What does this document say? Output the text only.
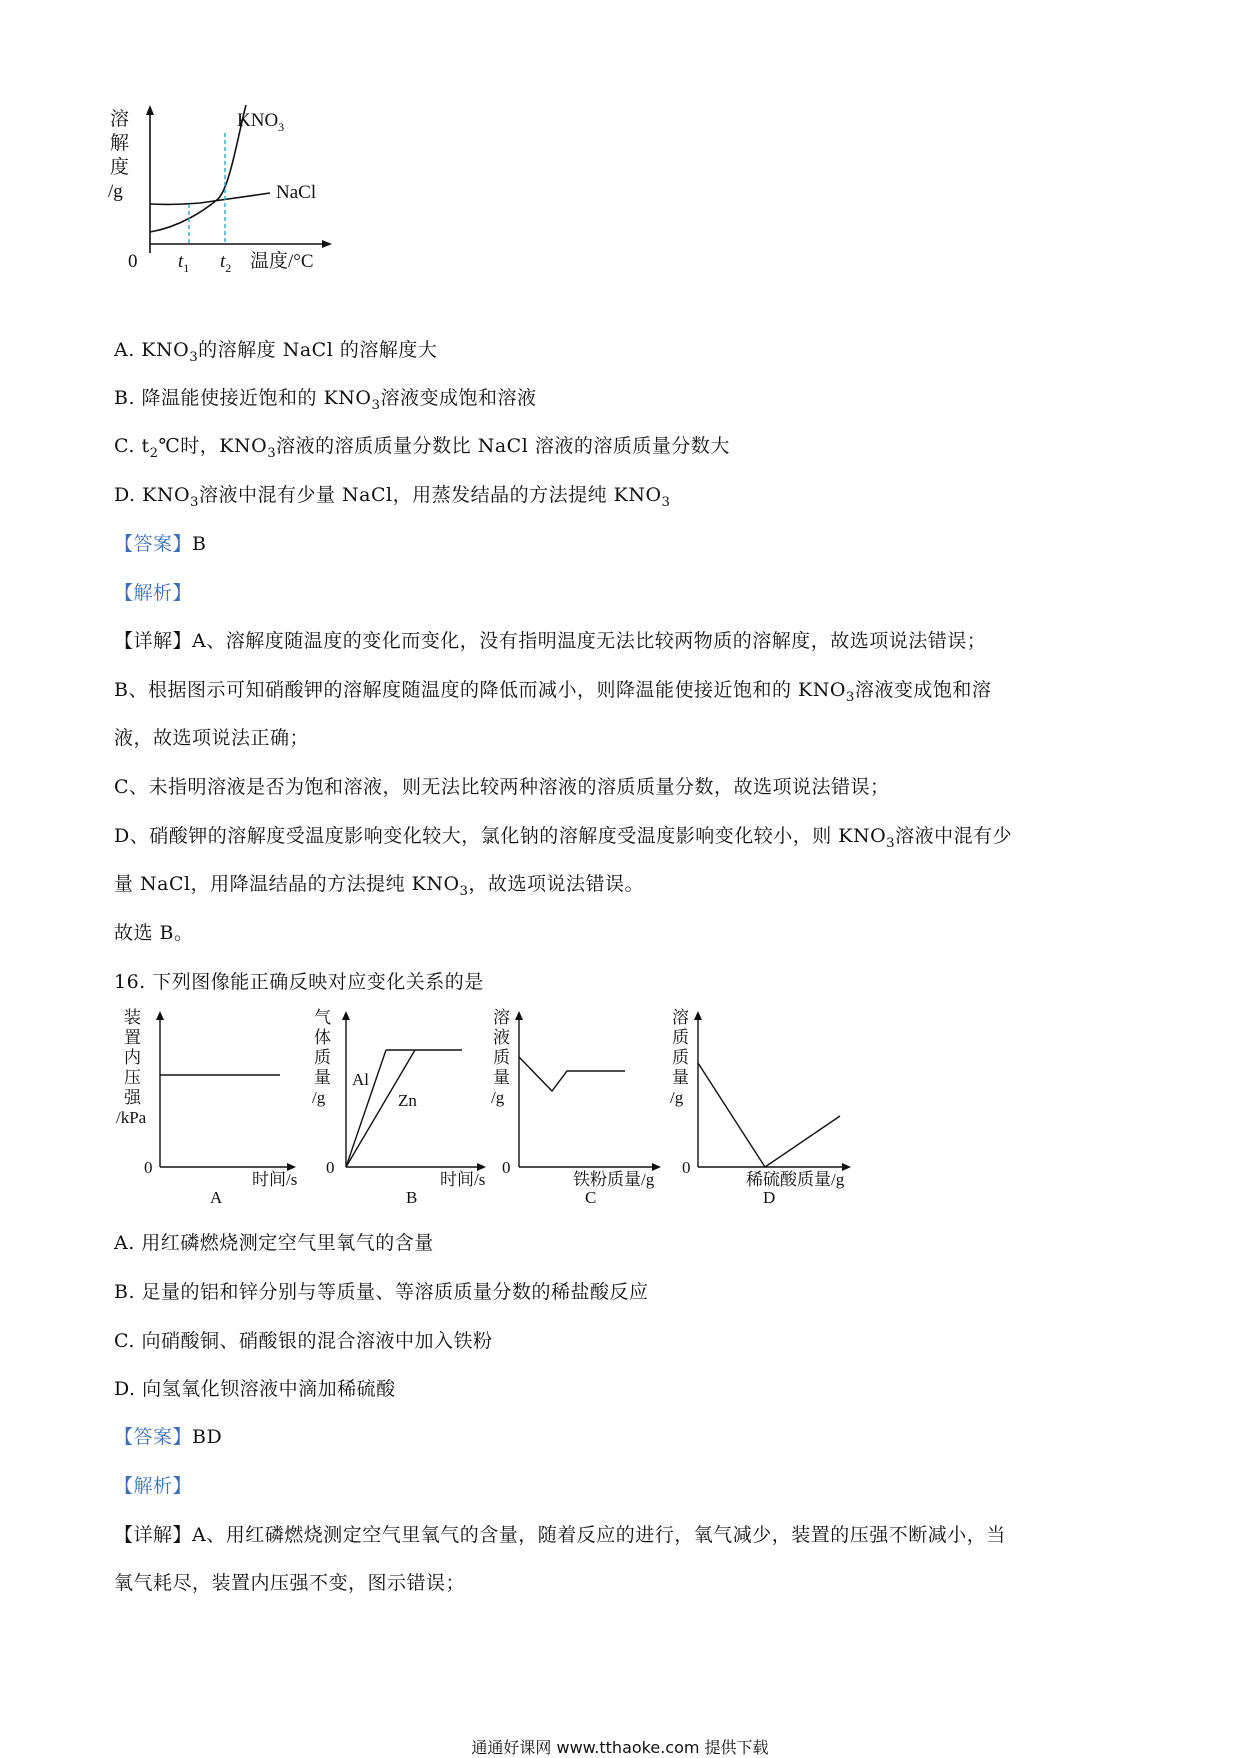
溶
解
度
/g
$KNO_3$
NaCl
0 $t_1$ $t_2$ 温度/°C
A. $KNO_3$的溶解度 NaCl 的溶解度大
B. 降温能使接近饱和的 $KNO_3$溶液变成饱和溶液
C. $t_2℃$时，$KNO_3$溶液的溶质质量分数比 NaCl 溶液的溶质质量分数大
D. $KNO_3$溶液中混有少量 NaCl，用蒸发结晶的方法提纯 $KNO_3$
【答案】B
【解析】
【详解】A、溶解度随温度的变化而变化，没有指明温度无法比较两物质的溶解度，故选项说法错误；
B、根据图示可知硝酸钾的溶解度随温度的降低而减小，则降温能使接近饱和的 $KNO_3$溶液变成饱和溶
液，故选项说法正确；
C、未指明溶液是否为饱和溶液，则无法比较两种溶液的溶质质量分数，故选项说法错误；
D、硝酸钾的溶解度受温度影响变化较大，氯化钠的溶解度受温度影响变化较小，则 $KNO_3$溶液中混有少
量 NaCl，用降温结晶的方法提纯 $KNO_3$，故选项说法错误。
故选 B。
16. 下列图像能正确反映对应变化关系的是
装
置
内
压
强
/kPa
0
时间/s
A
气
体
质
量
/g
Al
Zn
0
时间/s
B
溶
液
质
量
/g
0
铁粉质量/g
C
溶
质
质
量
/g
0
稀硫酸质量/g
D
A. 用红磷燃烧测定空气里氧气的含量
B. 足量的铝和锌分别与等质量、等溶质质量分数的稀盐酸反应
C. 向硝酸铜、硝酸银的混合溶液中加入铁粉
D. 向氢氧化钡溶液中滴加稀硫酸
【答案】BD
【解析】
【详解】A、用红磷燃烧测定空气里氧气的含量，随着反应的进行，氧气减少，装置的压强不断减小，当
氧气耗尽，装置内压强不变，图示错误；
通通好课网 www.tthaoke.com 提供下载
